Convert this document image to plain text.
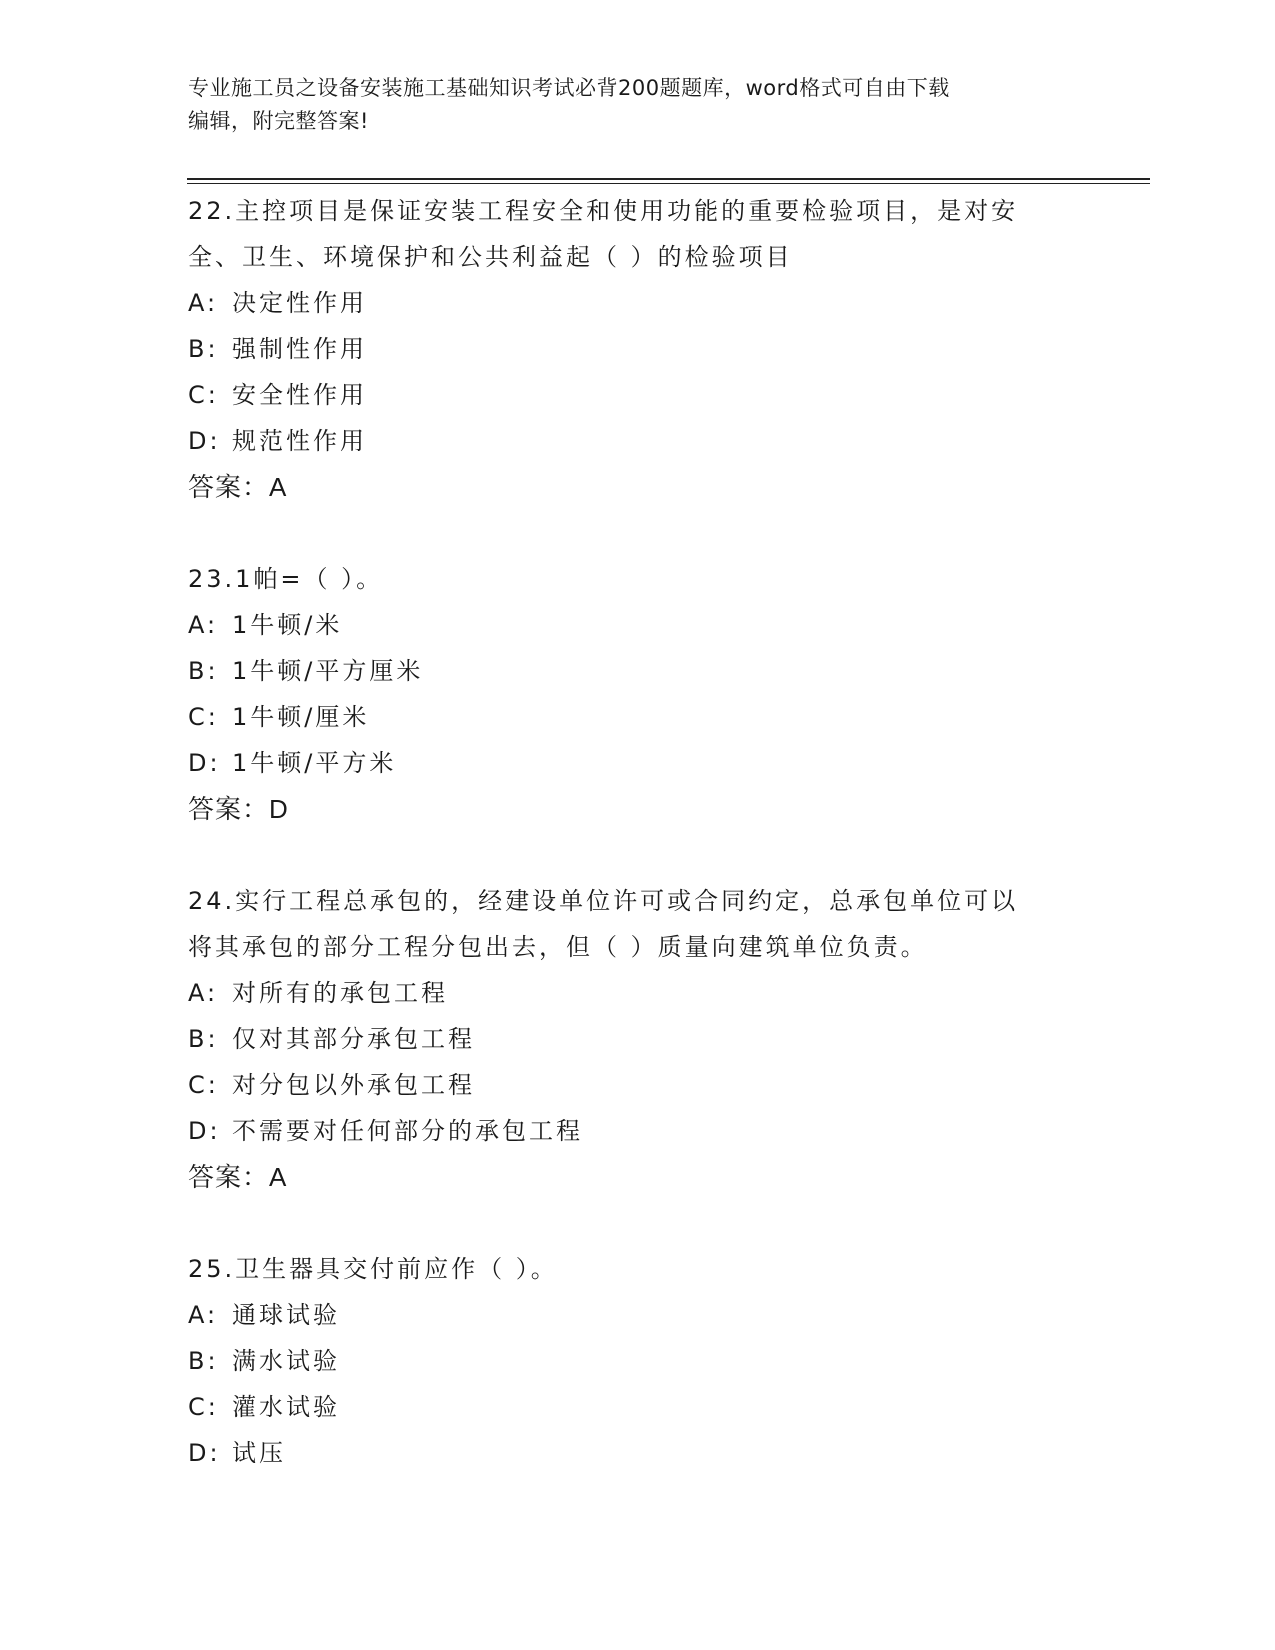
专业施工员之设备安装施工基础知识考试必背200题题库，word格式可自由下载
编辑，附完整答案!
22.主控项目是保证安装工程安全和使用功能的重要检验项目，是对安
全、卫生、环境保护和公共利益起（ ）的检验项目
A: 决定性作用
B: 强制性作用
C: 安全性作用
D: 规范性作用
答案：A
23.1帕=（ ）。
A: 1牛顿/米
B: 1牛顿/平方厘米
C: 1牛顿/厘米
D: 1牛顿/平方米
答案：D
24.实行工程总承包的，经建设单位许可或合同约定，总承包单位可以
将其承包的部分工程分包出去，但（ ）质量向建筑单位负责。
A: 对所有的承包工程
B: 仅对其部分承包工程
C: 对分包以外承包工程
D: 不需要对任何部分的承包工程
答案：A
25.卫生器具交付前应作（ ）。
A: 通球试验
B: 满水试验
C: 灌水试验
D: 试压
